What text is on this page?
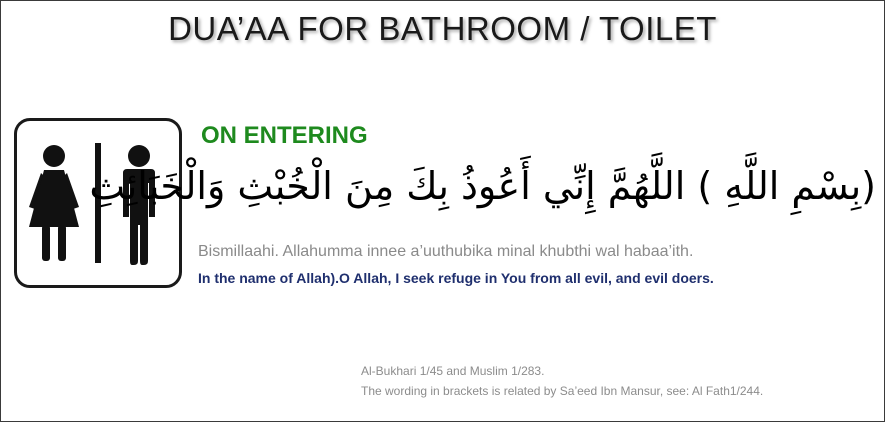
DUA’AA FOR BATHROOM / TOILET
ON ENTERING
(بِسْمِ اللَّهِ ) اللَّهُمَّ إِنِّي أَعُوذُ بِكَ مِنَ الْخُبْثِ وَالْخَبَائِثِ
Bismillaahi. Allahumma innee a’uuthubika minal khubthi wal habaa’ith.
In the name of Allah).O Allah, I seek refuge in You from all evil, and evil doers.
Al-Bukhari 1/45 and Muslim 1/283.
The wording in brackets is related by Sa’eed Ibn Mansur, see: Al Fath1/244.
